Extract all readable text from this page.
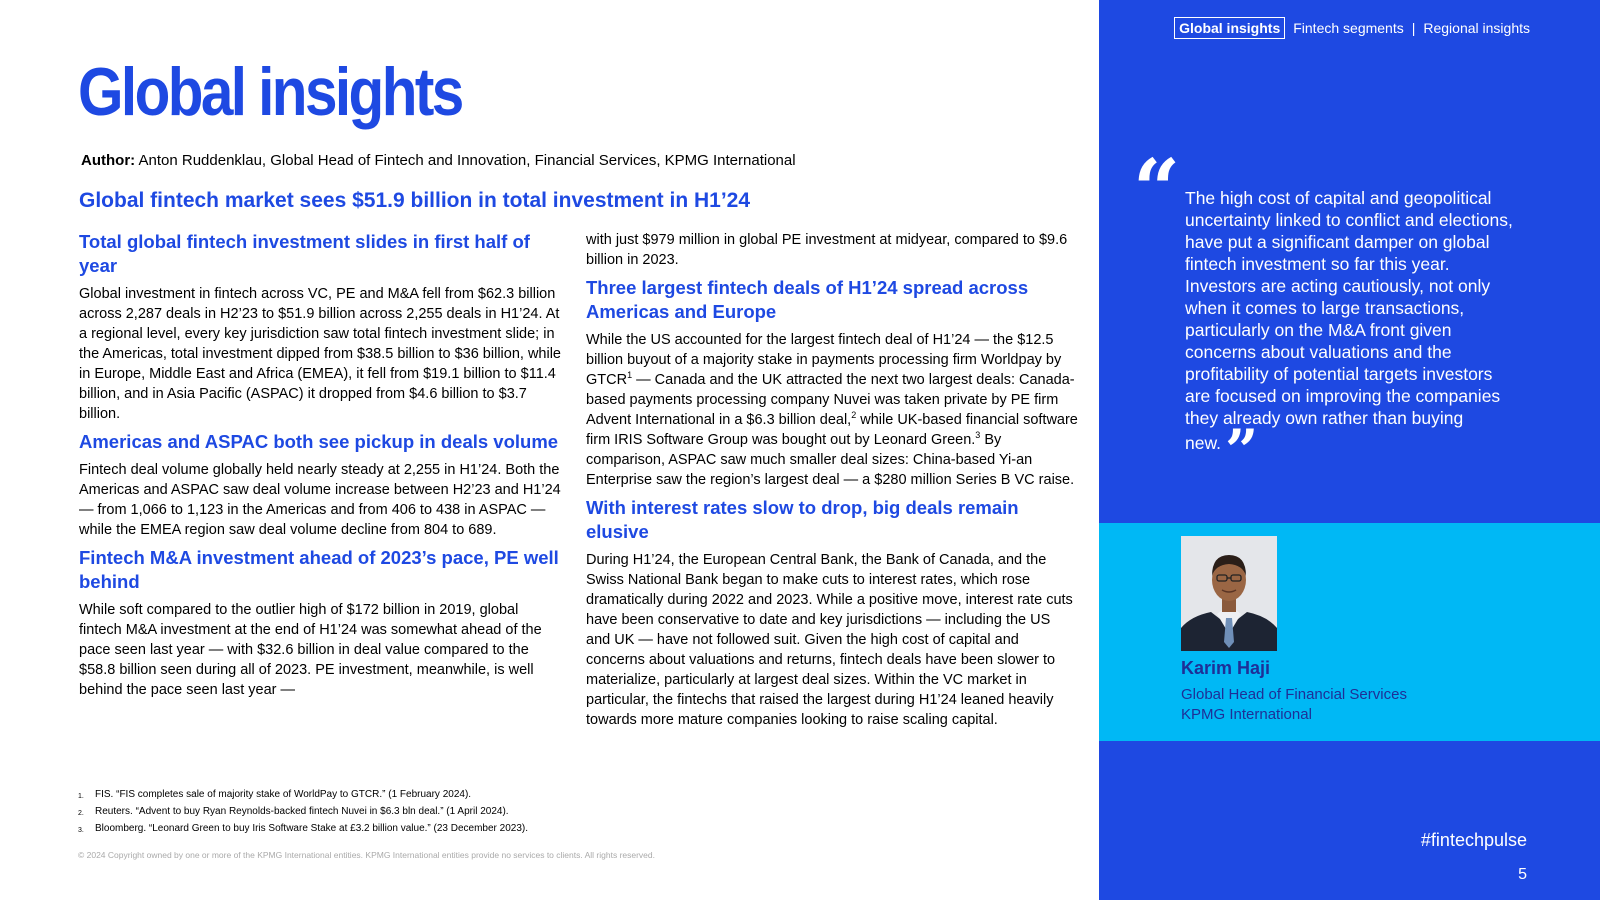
Global insights
Author: Anton Ruddenklau, Global Head of Fintech and Innovation, Financial Services, KPMG International
Global fintech market sees $51.9 billion in total investment in H1’24
Total global fintech investment slides in first half of year

Global investment in fintech across VC, PE and M&A fell from $62.3 billion across 2,287 deals in H2’23 to $51.9 billion across 2,255 deals in H1’24. At a regional level, every key jurisdiction saw total fintech investment slide; in the Americas, total investment dipped from $38.5 billion to $36 billion, while in Europe, Middle East and Africa (EMEA), it fell from $19.1 billion to $11.4 billion, and in Asia Pacific (ASPAC) it dropped from $4.6 billion to $3.7 billion.

Americas and ASPAC both see pickup in deals volume

Fintech deal volume globally held nearly steady at 2,255 in H1’24. Both the Americas and ASPAC saw deal volume increase between H2’23 and H1’24 — from 1,066 to 1,123 in the Americas and from 406 to 438 in ASPAC — while the EMEA region saw deal volume decline from 804 to 689.

Fintech M&A investment ahead of 2023’s pace, PE well behind

While soft compared to the outlier high of $172 billion in 2019, global fintech M&A investment at the end of H1’24 was somewhat ahead of the pace seen last year — with $32.6 billion in deal value compared to the $58.8 billion seen during all of 2023. PE investment, meanwhile, is well behind the pace seen last year —

with just $979 million in global PE investment at midyear, compared to $9.6 billion in 2023.

Three largest fintech deals of H1’24 spread across Americas and Europe

While the US accounted for the largest fintech deal of H1’24 — the $12.5 billion buyout of a majority stake in payments processing firm Worldpay by GTCR$^1$ — Canada and the UK attracted the next two largest deals: Canada-based payments processing company Nuvei was taken private by PE firm Advent International in a $6.3 billion deal,$^2$ while UK-based financial software firm IRIS Software Group was bought out by Leonard Green.$^3$ By comparison, ASPAC saw much smaller deal sizes: China-based Yi-an Enterprise saw the region’s largest deal — a $280 million Series B VC raise.

With interest rates slow to drop, big deals remain elusive

During H1’24, the European Central Bank, the Bank of Canada, and the Swiss National Bank began to make cuts to interest rates, which rose dramatically during 2022 and 2023. While a positive move, interest rate cuts have been conservative to date and key jurisdictions — including the US and UK — have not followed suit. Given the high cost of capital and concerns about valuations and returns, fintech deals have been slower to materialize, particularly at largest deal sizes. Within the VC market in particular, the fintechs that raised the largest during H1’24 leaned heavily towards more mature companies looking to raise scaling capital.

1.	FIS. “FIS completes sale of majority stake of WorldPay to GTCR.” (1 February 2024).
2.	Reuters. “Advent to buy Ryan Reynolds-backed fintech Nuvei in $6.3 bln deal.” (1 April 2024).
3.	Bloomberg. “Leonard Green to buy Iris Software Stake at £3.2 billion value.” (23 December 2023).
© 2024 Copyright owned by one or more of the KPMG International entities. KPMG International entities provide no services to clients. All rights reserved.
Global insights Fintech segments | Regional insights
“ The high cost of capital and geopolitical uncertainty linked to conflict and elections, have put a significant damper on global fintech investment so far this year. Investors are acting cautiously, not only when it comes to large transactions, particularly on the M&A front given concerns about valuations and the profitability of potential targets investors are focused on improving the companies they already own rather than buying new.”
Karim Haji
Global Head of Financial Services
KPMG International
#fintechpulse
5
